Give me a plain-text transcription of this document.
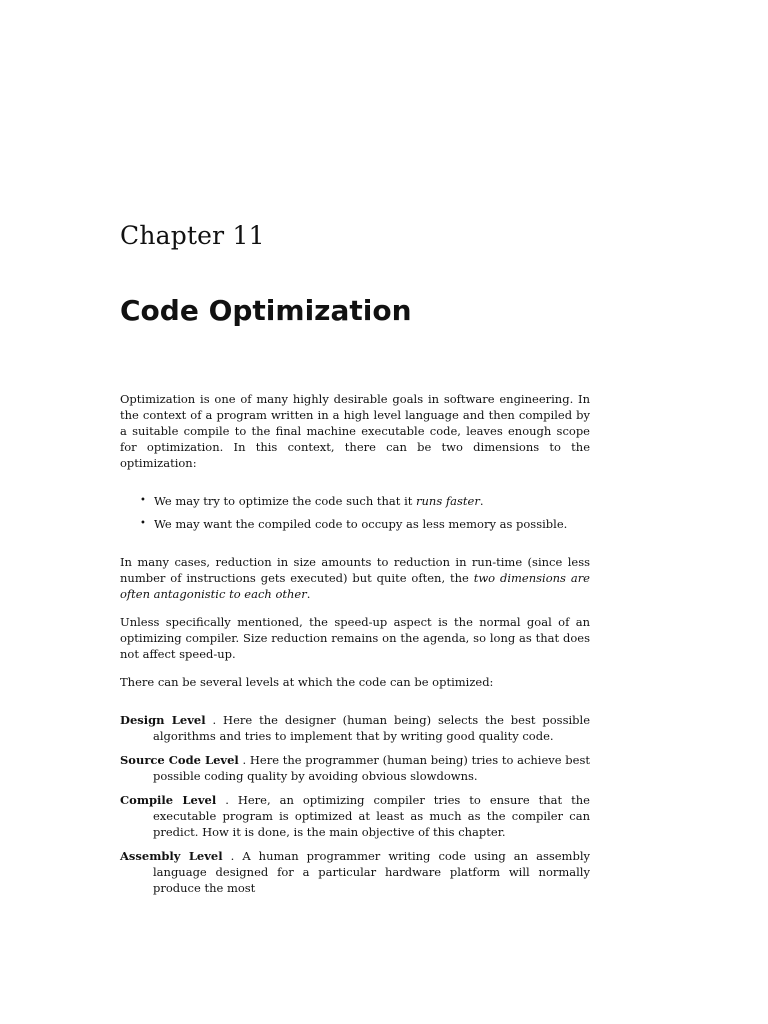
Chapter 11
Code Optimization

Optimization is one of many highly desirable goals in software engineering. In the context of a program written in a high level language and then compiled by a suitable compile to the final machine executable code, leaves enough scope for optimization. In this context, there can be two dimensions to the optimization:

• We may try to optimize the code such that it runs faster.
• We may want the compiled code to occupy as less memory as possible.

In many cases, reduction in size amounts to reduction in run-time (since less number of instructions gets executed) but quite often, the two dimensions are often antagonistic to each other.

Unless specifically mentioned, the speed-up aspect is the normal goal of an optimizing compiler. Size reduction remains on the agenda, so long as that does not affect speed-up.

There can be several levels at which the code can be optimized:

Design Level . Here the designer (human being) selects the best possible algorithms and tries to implement that by writing good quality code.

Source Code Level . Here the programmer (human being) tries to achieve best possible coding quality by avoiding obvious slowdowns.

Compile Level . Here, an optimizing compiler tries to ensure that the executable program is optimized at least as much as the compiler can predict. How it is done, is the main objective of this chapter.

Assembly Level . A human programmer writing code using an assembly language designed for a particular hardware platform will normally produce the most
